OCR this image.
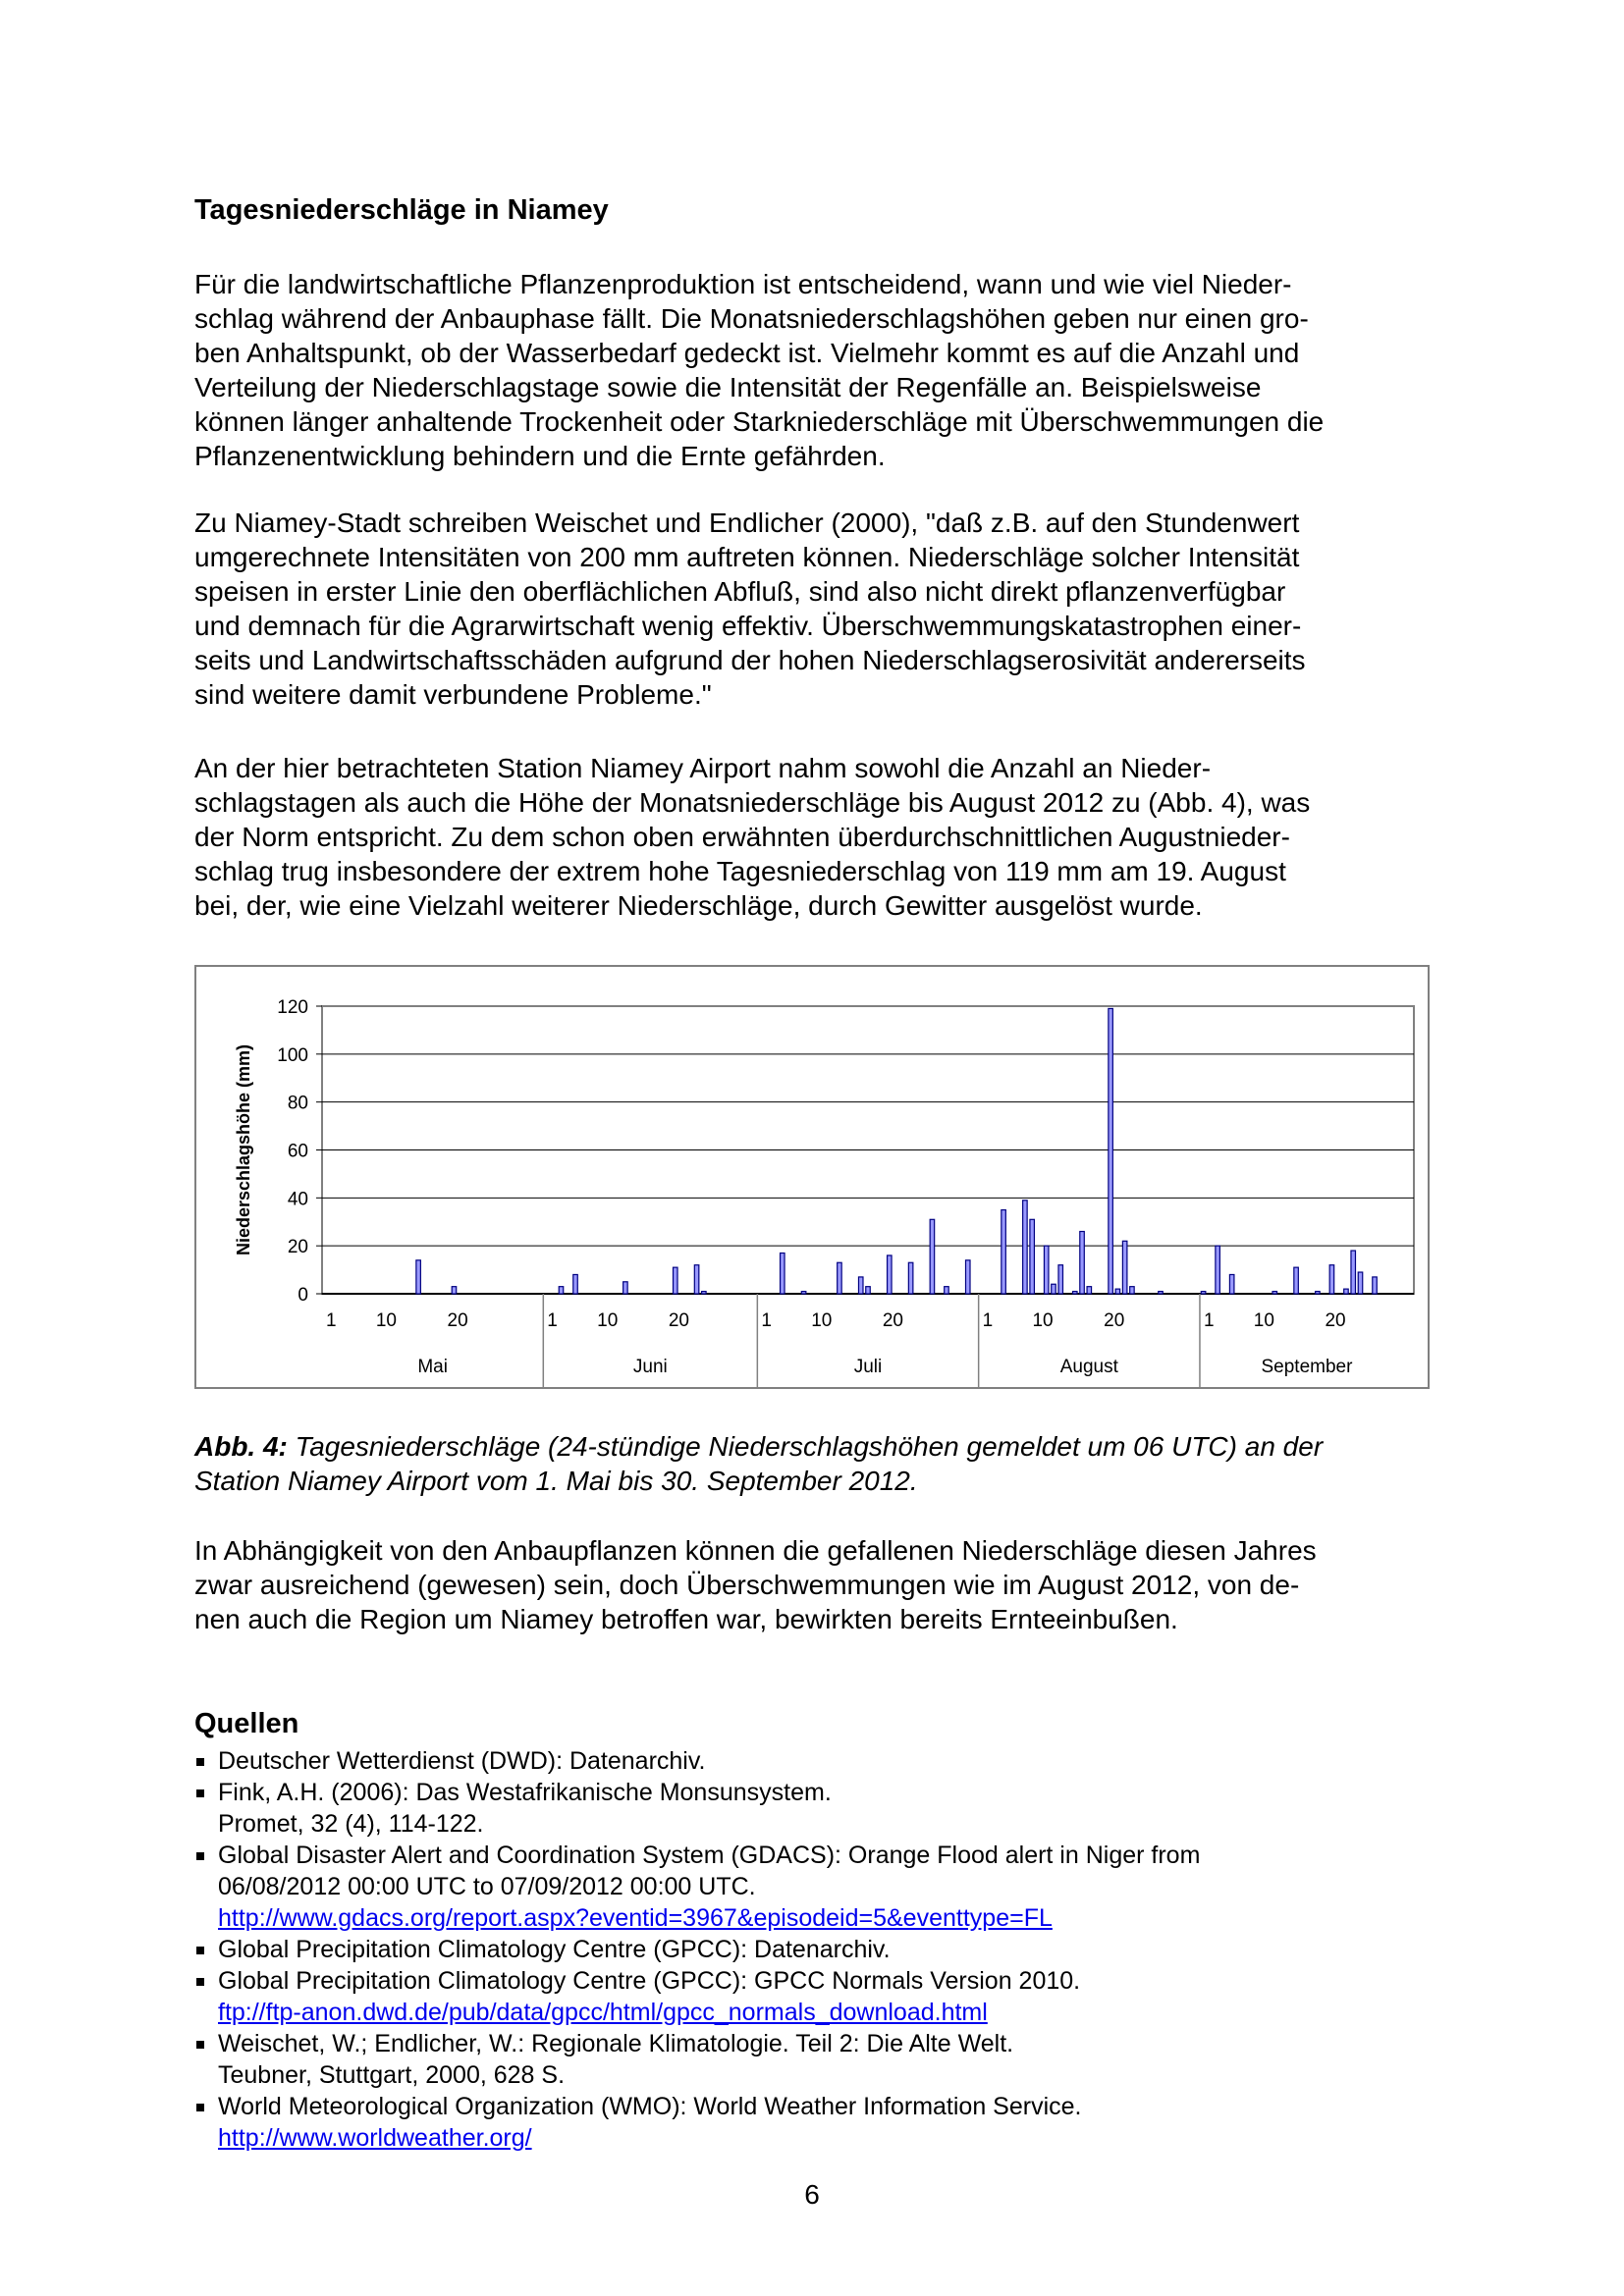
Tagesniederschläge in Niamey

Für die landwirtschaftliche Pflanzenproduktion ist entscheidend, wann und wie viel Nieder-
schlag während der Anbauphase fällt. Die Monatsniederschlagshöhen geben nur einen gro-
ben Anhaltspunkt, ob der Wasserbedarf gedeckt ist. Vielmehr kommt es auf die Anzahl und
Verteilung der Niederschlagstage sowie die Intensität der Regenfälle an. Beispielsweise
können länger anhaltende Trockenheit oder Starkniederschläge mit Überschwemmungen die
Pflanzenentwicklung behindern und die Ernte gefährden.

Zu Niamey-Stadt schreiben Weischet und Endlicher (2000), "daß z.B. auf den Stundenwert
umgerechnete Intensitäten von 200 mm auftreten können. Niederschläge solcher Intensität
speisen in erster Linie den oberflächlichen Abfluß, sind also nicht direkt pflanzenverfügbar
und demnach für die Agrarwirtschaft wenig effektiv. Überschwemmungskatastrophen einer-
seits und Landwirtschaftsschäden aufgrund der hohen Niederschlagserosivität andererseits
sind weitere damit verbundene Probleme."

An der hier betrachteten Station Niamey Airport nahm sowohl die Anzahl an Nieder-
schlagstagen als auch die Höhe der Monatsniederschläge bis August 2012 zu (Abb. 4), was
der Norm entspricht. Zu dem schon oben erwähnten überdurchschnittlichen Augustnieder-
schlag trug insbesondere der extrem hohe Tagesniederschlag von 119 mm am 19. August
bei, der, wie eine Vielzahl weiterer Niederschläge, durch Gewitter ausgelöst wurde.

0
20
40
60
80
100
120
Niederschlagshöhe (mm)
1 10	20
Mai
1 10	20
Juni
1 10	20
Juli
1 10	20
August
1 10	20
September

Abb. 4: Tagesniederschläge (24-stündige Niederschlagshöhen gemeldet um 06 UTC) an der
Station Niamey Airport vom 1. Mai bis 30. September 2012.

In Abhängigkeit von den Anbaupflanzen können die gefallenen Niederschläge diesen Jahres
zwar ausreichend (gewesen) sein, doch Überschwemmungen wie im August 2012, von de-
nen auch die Region um Niamey betroffen war, bewirkten bereits Ernteeinbußen.

Quellen
Deutscher Wetterdienst (DWD): Datenarchiv.
Fink, A.H. (2006): Das Westafrikanische Monsunsystem.
Promet, 32 (4), 114-122.
Global Disaster Alert and Coordination System (GDACS): Orange Flood alert in Niger from
06/08/2012 00:00 UTC to 07/09/2012 00:00 UTC.
http://www.gdacs.org/report.aspx?eventid=3967&episodeid=5&eventtype=FL
Global Precipitation Climatology Centre (GPCC): Datenarchiv.
Global Precipitation Climatology Centre (GPCC): GPCC Normals Version 2010.
ftp://ftp-anon.dwd.de/pub/data/gpcc/html/gpcc_normals_download.html
Weischet, W.; Endlicher, W.: Regionale Klimatologie. Teil 2: Die Alte Welt.
Teubner, Stuttgart, 2000, 628 S.
World Meteorological Organization (WMO): World Weather Information Service.
http://www.worldweather.org/
6
